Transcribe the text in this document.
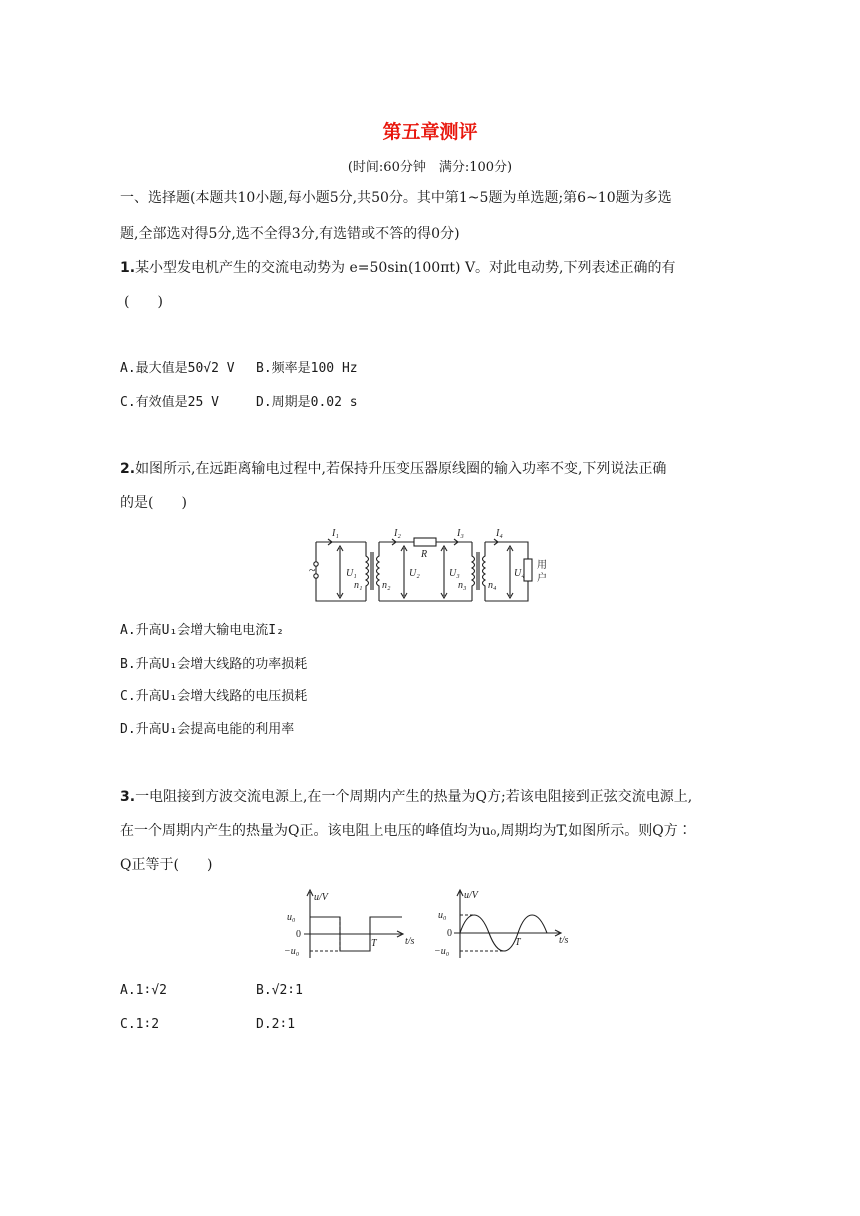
第五章测评
(时间:60分钟　满分:100分)
一、选择题(本题共10小题,每小题5分,共50分。其中第1~5题为单选题;第6~10题为多选
题,全部选对得5分,选不全得3分,有选错或不答的得0分)
1.某小型发电机产生的交流电动势为 e=50sin(100πt) V。对此电动势,下列表述正确的有
(　　)
A.最大值是50√2 V B.频率是100 Hz
C.有效值是25 V	D.周期是0.02 s
2.如图所示,在远距离输电过程中,若保持升压变压器原线圈的输入功率不变,下列说法正确
的是(　　)
~
I₁	I₂
R
I₃	I₄
U₁
n₁ n₂
U₂	U₃
n₃ n₄
U₄
用
户
A.升高U₁会增大输电电流I₂
B.升高U₁会增大线路的功率损耗
C.升高U₁会增大线路的电压损耗
D.升高U₁会提高电能的利用率
3.一电阻接到方波交流电源上,在一个周期内产生的热量为Q方;若该电阻接到正弦交流电源上,
在一个周期内产生的热量为Q正。该电阻上电压的峰值均为u₀,周期均为T,如图所示。则Q方∶
Q正等于(　　)
u/V
u₀
0
−u₀
T	t/s
u/V
u₀
0
−u₀
T	t/s
A.1∶√2	B.√2∶1
C.1∶2	D.2∶1
